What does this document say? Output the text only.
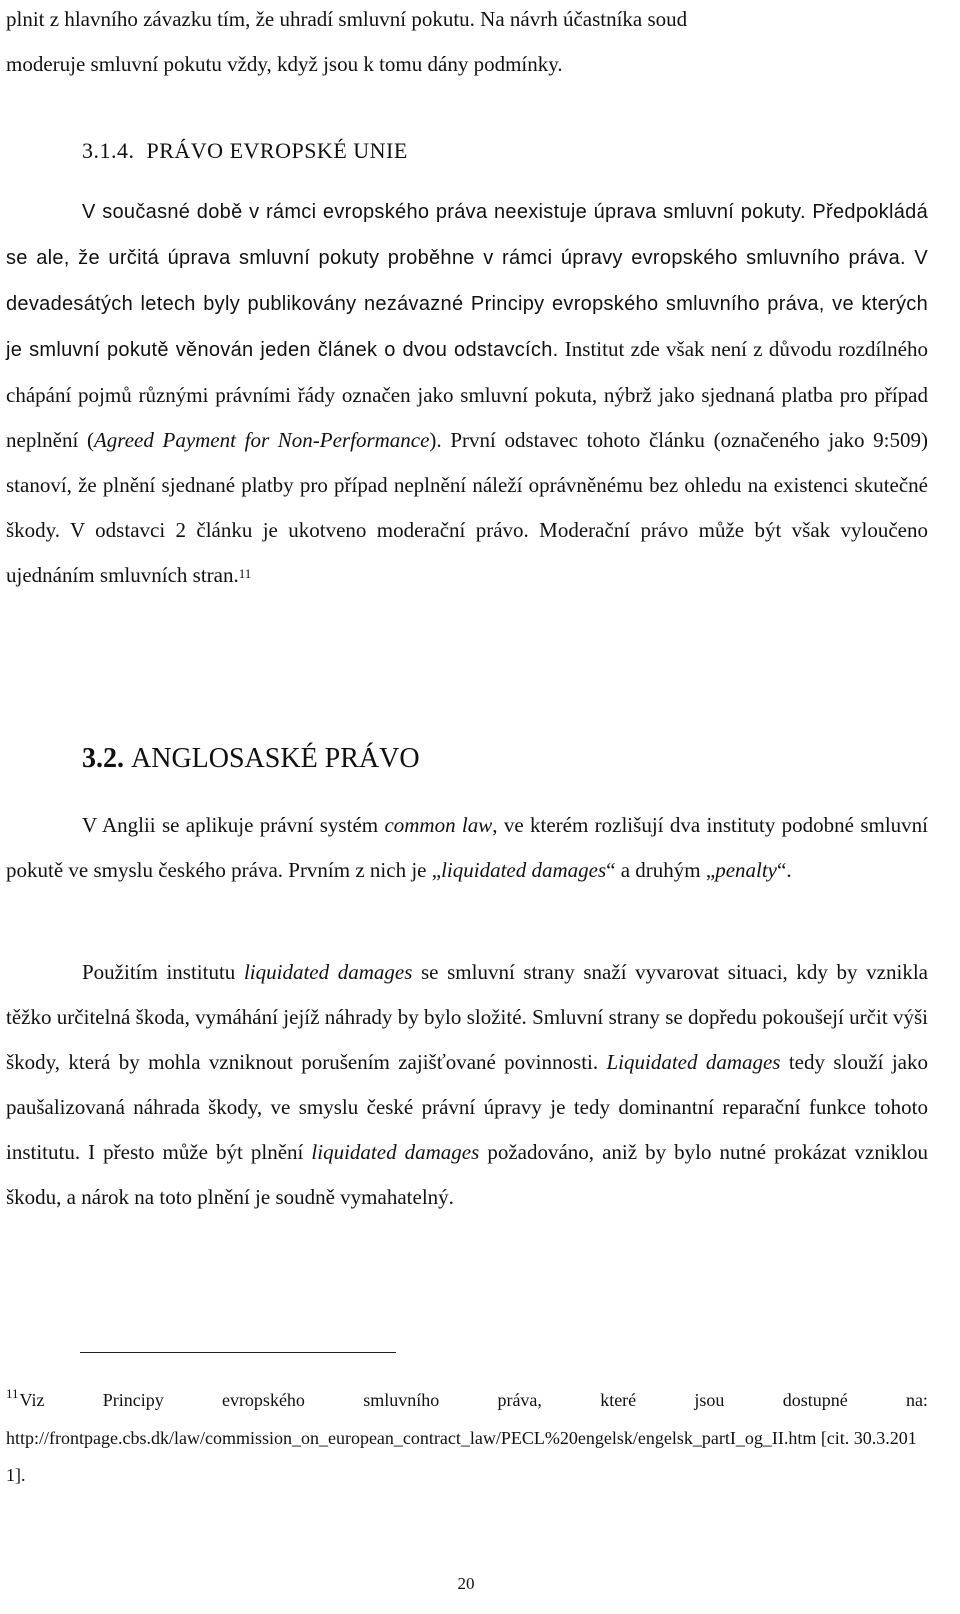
plnit z hlavního závazku tím, že uhradí smluvní pokutu. Na návrh účastníka soud
moderuje smluvní pokutu vždy, když jsou k tomu dány podmínky.

3.1.4. PRÁVO EVROPSKÉ UNIE

V současné době v rámci evropského práva neexistuje úprava smluvní pokuty. Předpokládá se ale, že určitá úprava smluvní pokuty proběhne v rámci úpravy evropského smluvního práva. V devadesátých letech byly publikovány nezávazné Principy evropského smluvního práva, ve kterých je smluvní pokutě věnován jeden článek o dvou odstavcích. Institut zde však není z důvodu rozdílného chápání pojmů různými právními řády označen jako smluvní pokuta, nýbrž jako sjednaná platba pro případ neplnění (Agreed Payment for Non-Performance). První odstavec tohoto článku (označeného jako 9:509) stanoví, že plnění sjednané platby pro případ neplnění náleží oprávněnému bez ohledu na existenci skutečné škody. V odstavci 2 článku je ukotveno moderační právo. Moderační právo může být však vyloučeno ujednáním smluvních stran.$^{11}$

3.2. ANGLOSASKÉ PRÁVO

V Anglii se aplikuje právní systém common law, ve kterém rozlišují dva instituty podobné smluvní pokutě ve smyslu českého práva. Prvním z nich je „liquidated damages“ a druhým „penalty“.

Použitím institutu liquidated damages se smluvní strany snaží vyvarovat situaci, kdy by vznikla těžko určitelná škoda, vymáhání jejíž náhrady by bylo složité. Smluvní strany se dopředu pokoušejí určit výši škody, která by mohla vzniknout porušením zajišťované povinnosti. Liquidated damages tedy slouží jako paušalizovaná náhrada škody, ve smyslu české právní úpravy je tedy dominantní reparační funkce tohoto institutu. I přesto může být plnění liquidated damages požadováno, aniž by bylo nutné prokázat vzniklou škodu, a nárok na toto plnění je soudně vymahatelný.

$^{11}$ Viz	Principy	evropského	smluvního	práva,	které	jsou	dostupné	na:
http://frontpage.cbs.dk/law/commission_on_european_contract_law/PECL%20engelsk/engelsk_partI_og_II.htm [cit. 30.3.2011].
20
